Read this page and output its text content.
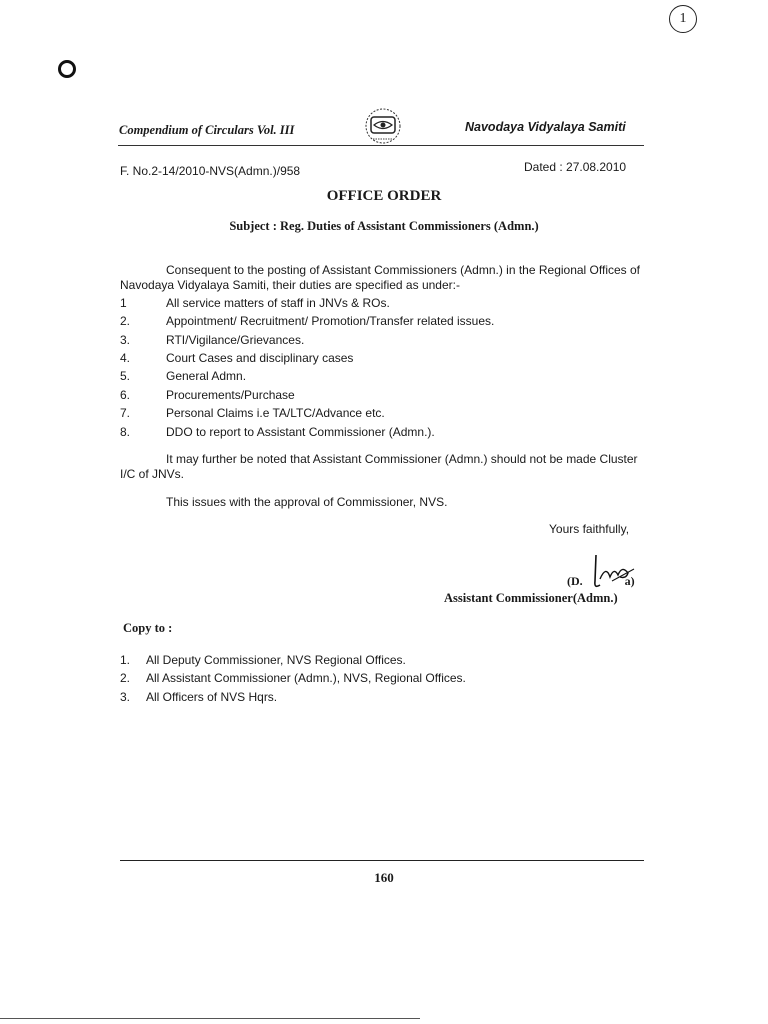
1
Compendium of Circulars Vol. III	Navodaya Vidyalaya Samiti
F. No.2-14/2010-NVS(Admn.)/958	Dated : 27.08.2010
OFFICE ORDER
Subject : Reg. Duties of Assistant Commissioners (Admn.)
Consequent to the posting of Assistant Commissioners (Admn.) in the Regional Offices of Navodaya Vidyalaya Samiti, their duties are specified as under:-
1	All service matters of staff in JNVs & ROs.
2.	Appointment/ Recruitment/ Promotion/Transfer related issues.
3.	RTI/Vigilance/Grievances.
4.	Court Cases and disciplinary cases
5.	General Admn.
6.	Procurements/Purchase
7.	Personal Claims i.e TA/LTC/Advance etc.
8.	DDO to report to Assistant Commissioner (Admn.).
It may further be noted that Assistant Commissioner (Admn.) should not be made Cluster I/C of JNVs.
This issues with the approval of Commissioner, NVS.
Yours faithfully,
(D.              a)
Assistant Commissioner(Admn.)
Copy to :
1. All Deputy Commissioner, NVS Regional Offices.
2. All Assistant Commissioner (Admn.), NVS, Regional Offices.
3. All Officers of NVS Hqrs.
160
